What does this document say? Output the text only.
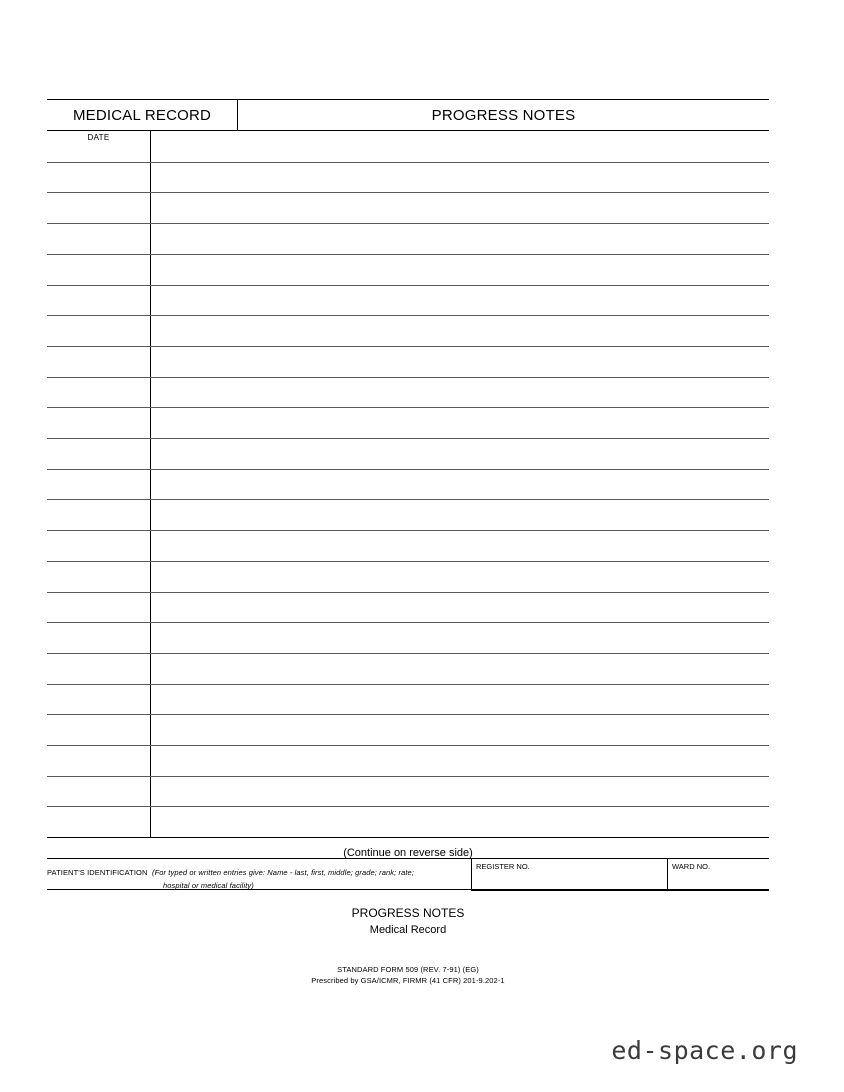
MEDICAL RECORD	PROGRESS NOTES
DATE
(Continue on reverse side)
PATIENT'S IDENTIFICATION (For typed or written entries give: Name - last, first, middle; grade; rank; rate;
hospital or medical facility)
REGISTER NO.	WARD NO.
PROGRESS NOTES
Medical Record
STANDARD FORM 509 (REV. 7-91) (EG)
Prescribed by GSA/ICMR, FIRMR (41 CFR) 201-9.202-1
ed-space.org
